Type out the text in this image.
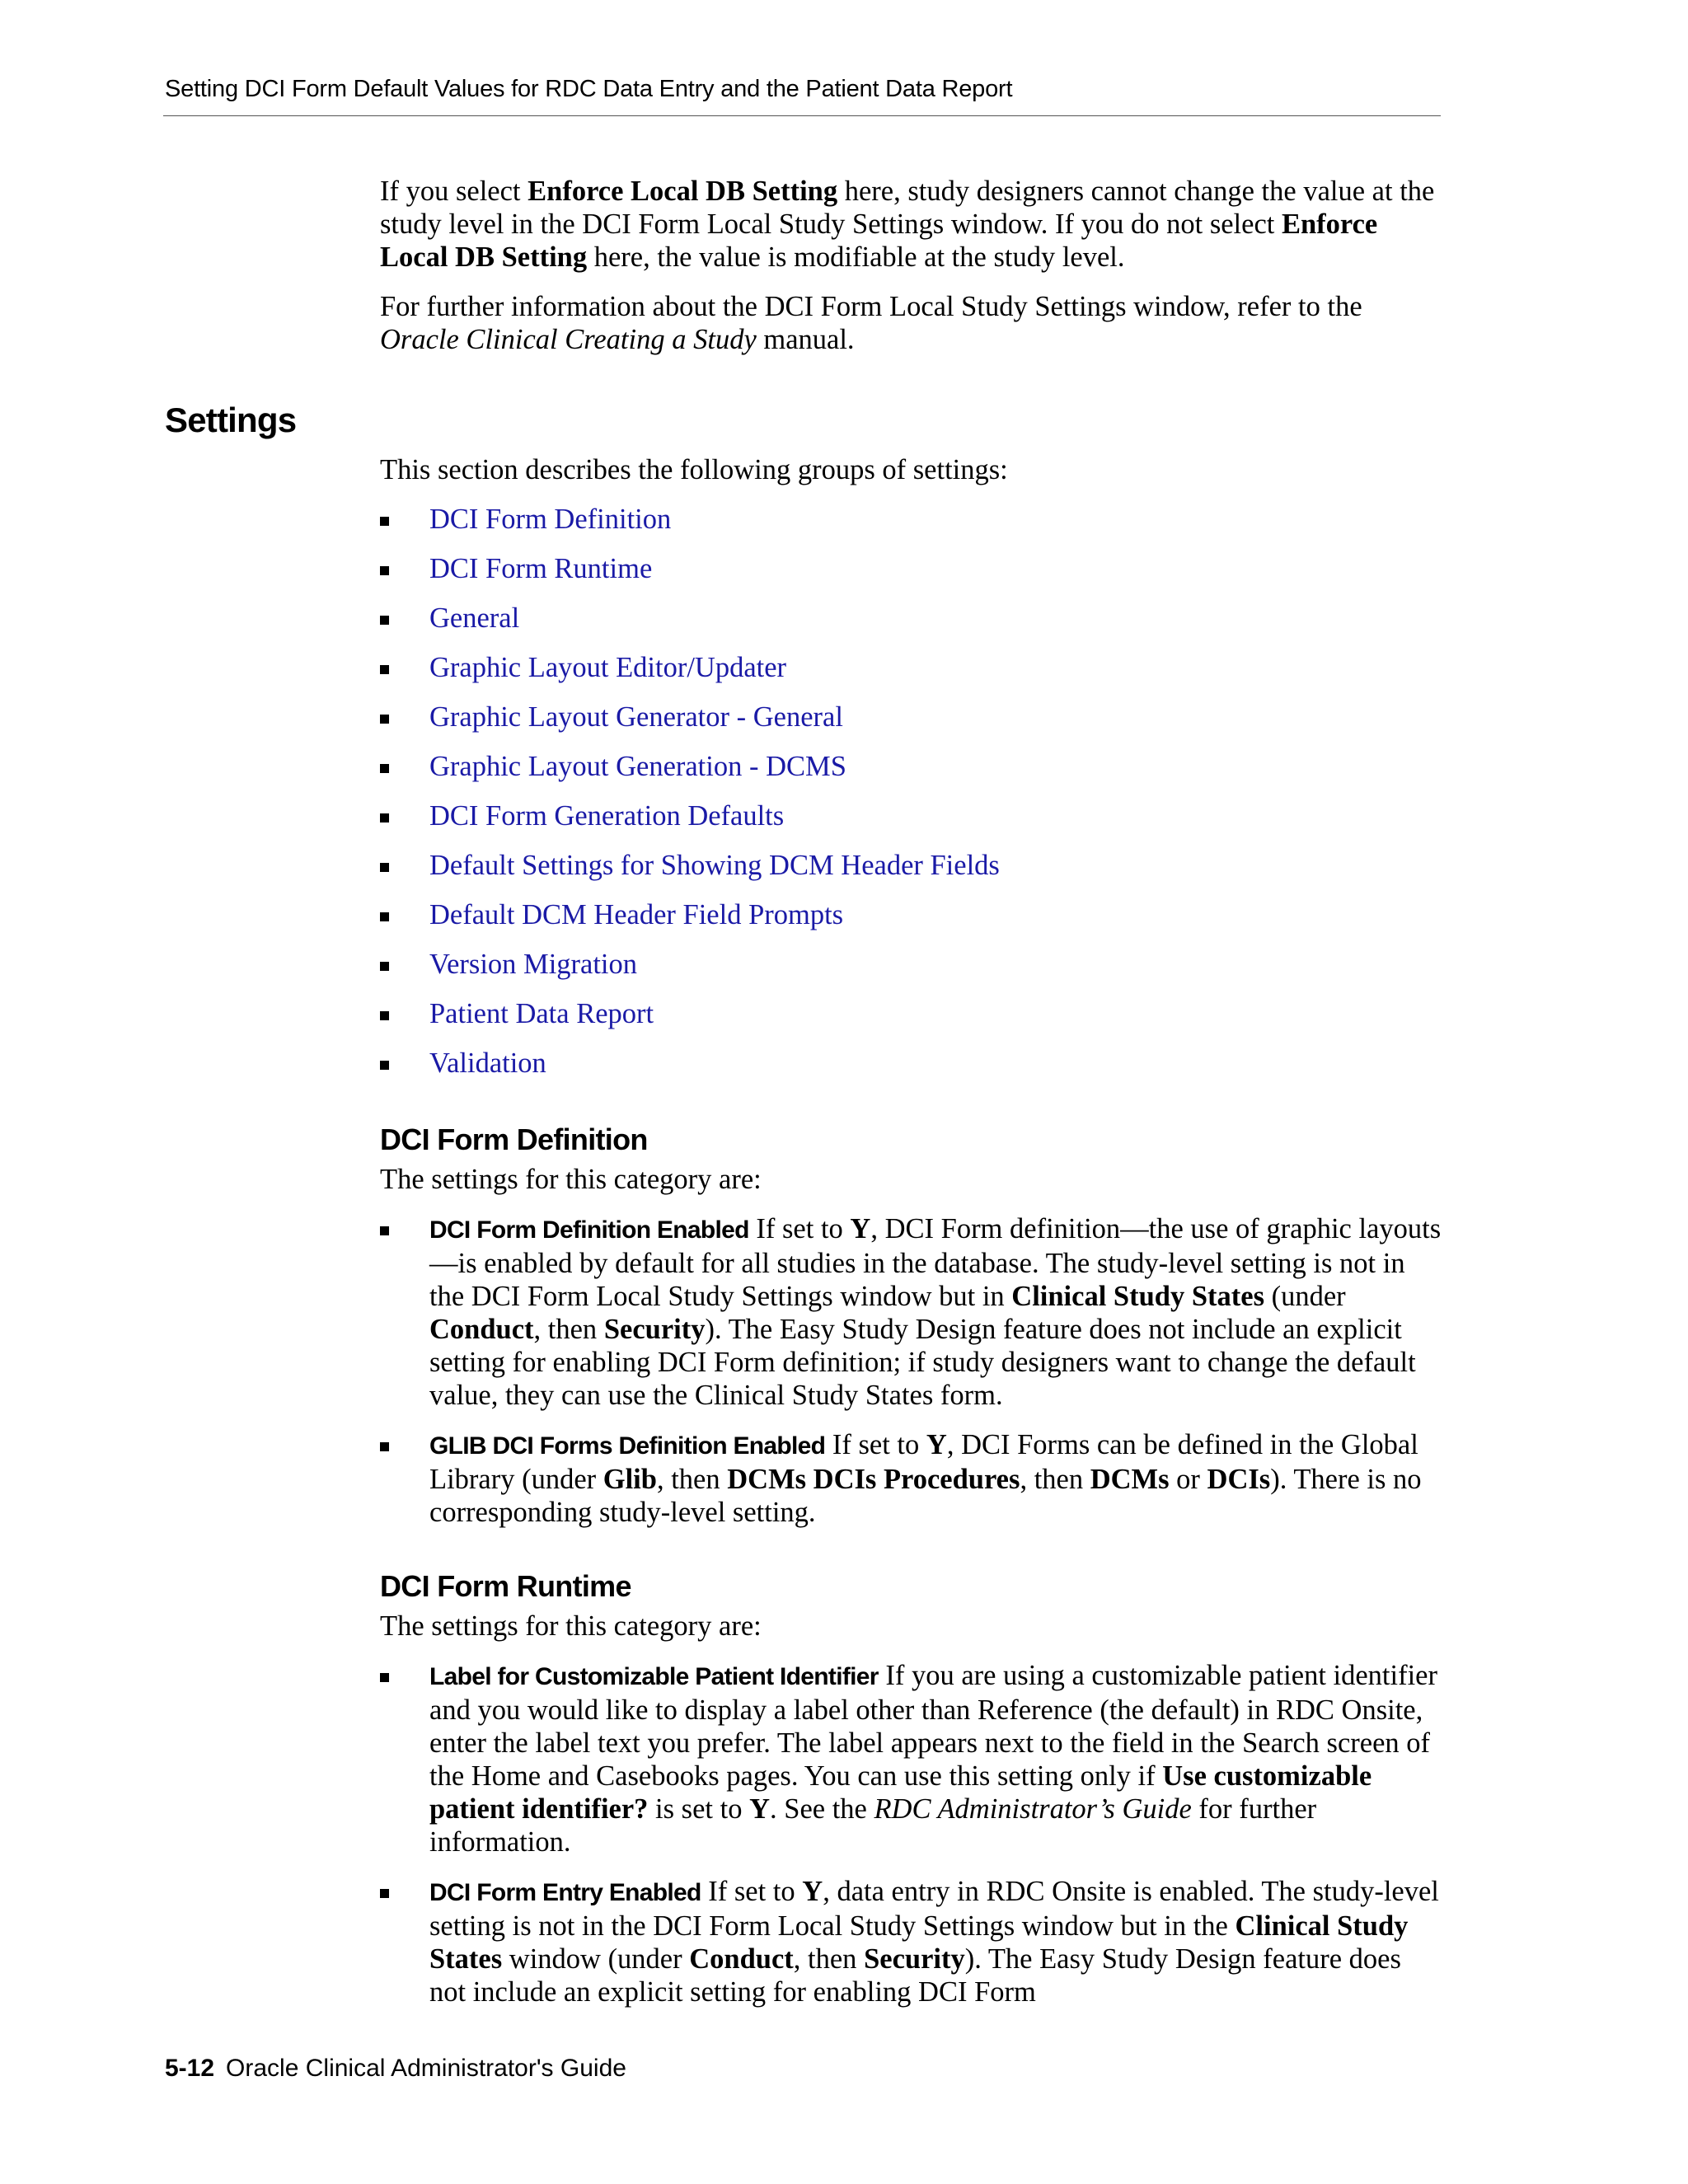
Setting DCI Form Default Values for RDC Data Entry and the Patient Data Report

If you select Enforce Local DB Setting here, study designers cannot change the value at the study level in the DCI Form Local Study Settings window. If you do not select Enforce Local DB Setting here, the value is modifiable at the study level.

For further information about the DCI Form Local Study Settings window, refer to the Oracle Clinical Creating a Study manual.

Settings

This section describes the following groups of settings:

DCI Form Definition
DCI Form Runtime
General
Graphic Layout Editor/Updater
Graphic Layout Generator - General
Graphic Layout Generation - DCMS
DCI Form Generation Defaults
Default Settings for Showing DCM Header Fields
Default DCM Header Field Prompts
Version Migration
Patient Data Report
Validation
DCI Form Definition

The settings for this category are:

DCI Form Definition Enabled If set to Y, DCI Form definition—the use of graphic layouts—is enabled by default for all studies in the database. The study-level setting is not in the DCI Form Local Study Settings window but in Clinical Study States (under Conduct, then Security). The Easy Study Design feature does not include an explicit setting for enabling DCI Form definition; if study designers want to change the default value, they can use the Clinical Study States form.
GLIB DCI Forms Definition Enabled If set to Y, DCI Forms can be defined in the Global Library (under Glib, then DCMs DCIs Procedures, then DCMs or DCIs). There is no corresponding study-level setting.
DCI Form Runtime

The settings for this category are:

Label for Customizable Patient Identifier If you are using a customizable patient identifier and you would like to display a label other than Reference (the default) in RDC Onsite, enter the label text you prefer. The label appears next to the field in the Search screen of the Home and Casebooks pages. You can use this setting only if Use customizable patient identifier? is set to Y. See the RDC Administrator’s Guide for further information.
DCI Form Entry Enabled If set to Y, data entry in RDC Onsite is enabled. The study-level setting is not in the DCI Form Local Study Settings window but in the Clinical Study States window (under Conduct, then Security). The Easy Study Design feature does not include an explicit setting for enabling DCI Form
5-12 Oracle Clinical Administrator's Guide
